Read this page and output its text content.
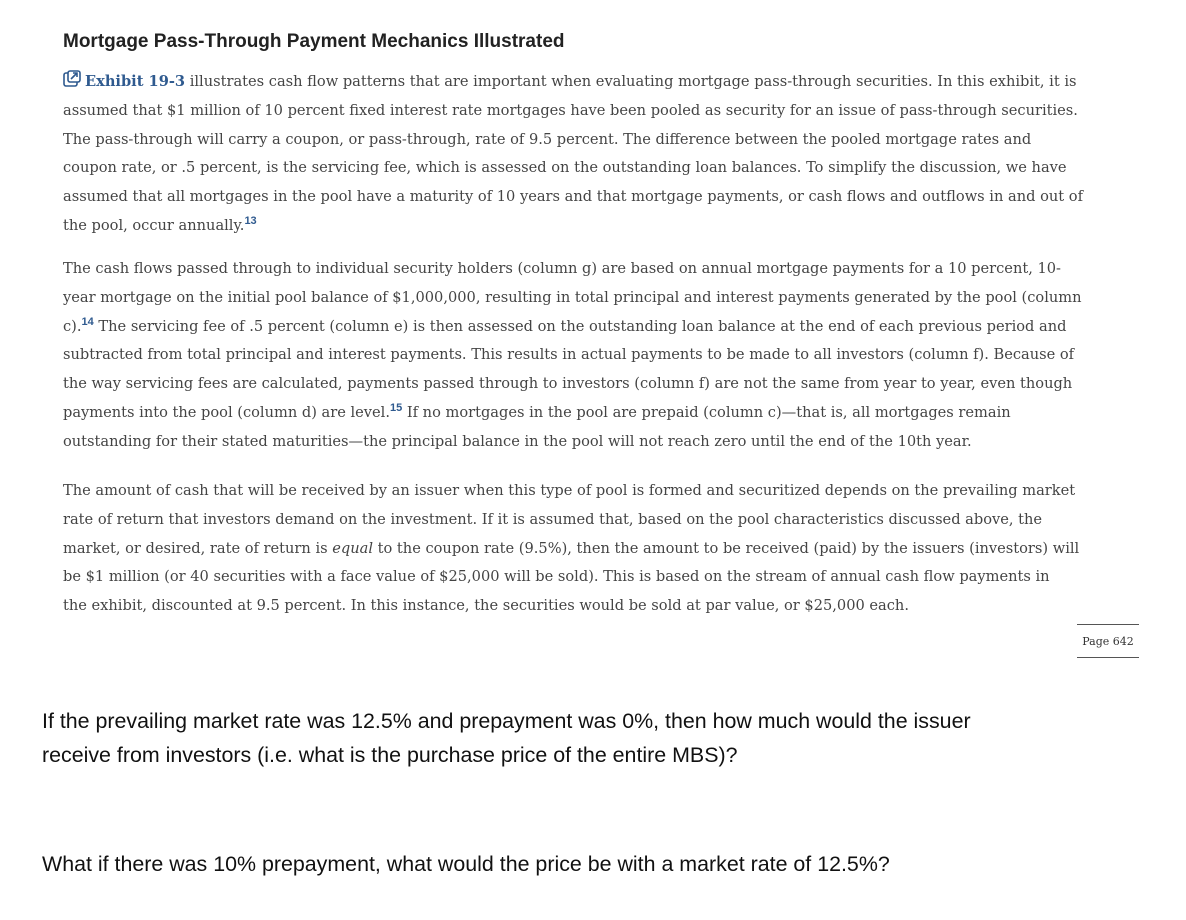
Mortgage Pass-Through Payment Mechanics Illustrated
Exhibit 19-3 illustrates cash flow patterns that are important when evaluating mortgage pass-through securities. In this exhibit, it is
assumed that $1 million of 10 percent fixed interest rate mortgages have been pooled as security for an issue of pass-through securities.
The pass-through will carry a coupon, or pass-through, rate of 9.5 percent. The difference between the pooled mortgage rates and
coupon rate, or .5 percent, is the servicing fee, which is assessed on the outstanding loan balances. To simplify the discussion, we have
assumed that all mortgages in the pool have a maturity of 10 years and that mortgage payments, or cash flows and outflows in and out of
the pool, occur annually.$^{13}$
The cash flows passed through to individual security holders (column g) are based on annual mortgage payments for a 10 percent, 10-
year mortgage on the initial pool balance of $1,000,000, resulting in total principal and interest payments generated by the pool (column
c).$^{14}$ The servicing fee of .5 percent (column e) is then assessed on the outstanding loan balance at the end of each previous period and
subtracted from total principal and interest payments. This results in actual payments to be made to all investors (column f). Because of
the way servicing fees are calculated, payments passed through to investors (column f) are not the same from year to year, even though
payments into the pool (column d) are level.$^{15}$ If no mortgages in the pool are prepaid (column c)—that is, all mortgages remain
outstanding for their stated maturities—the principal balance in the pool will not reach zero until the end of the 10th year.
The amount of cash that will be received by an issuer when this type of pool is formed and securitized depends on the prevailing market
rate of return that investors demand on the investment. If it is assumed that, based on the pool characteristics discussed above, the
market, or desired, rate of return is equal to the coupon rate (9.5%), then the amount to be received (paid) by the issuers (investors) will
be $1 million (or 40 securities with a face value of $25,000 will be sold). This is based on the stream of annual cash flow payments in
the exhibit, discounted at 9.5 percent. In this instance, the securities would be sold at par value, or $25,000 each.
Page 642
If the prevailing market rate was 12.5% and prepayment was 0%, then how much would the issuer
receive from investors (i.e. what is the purchase price of the entire MBS)?
What if there was 10% prepayment, what would the price be with a market rate of 12.5%?
